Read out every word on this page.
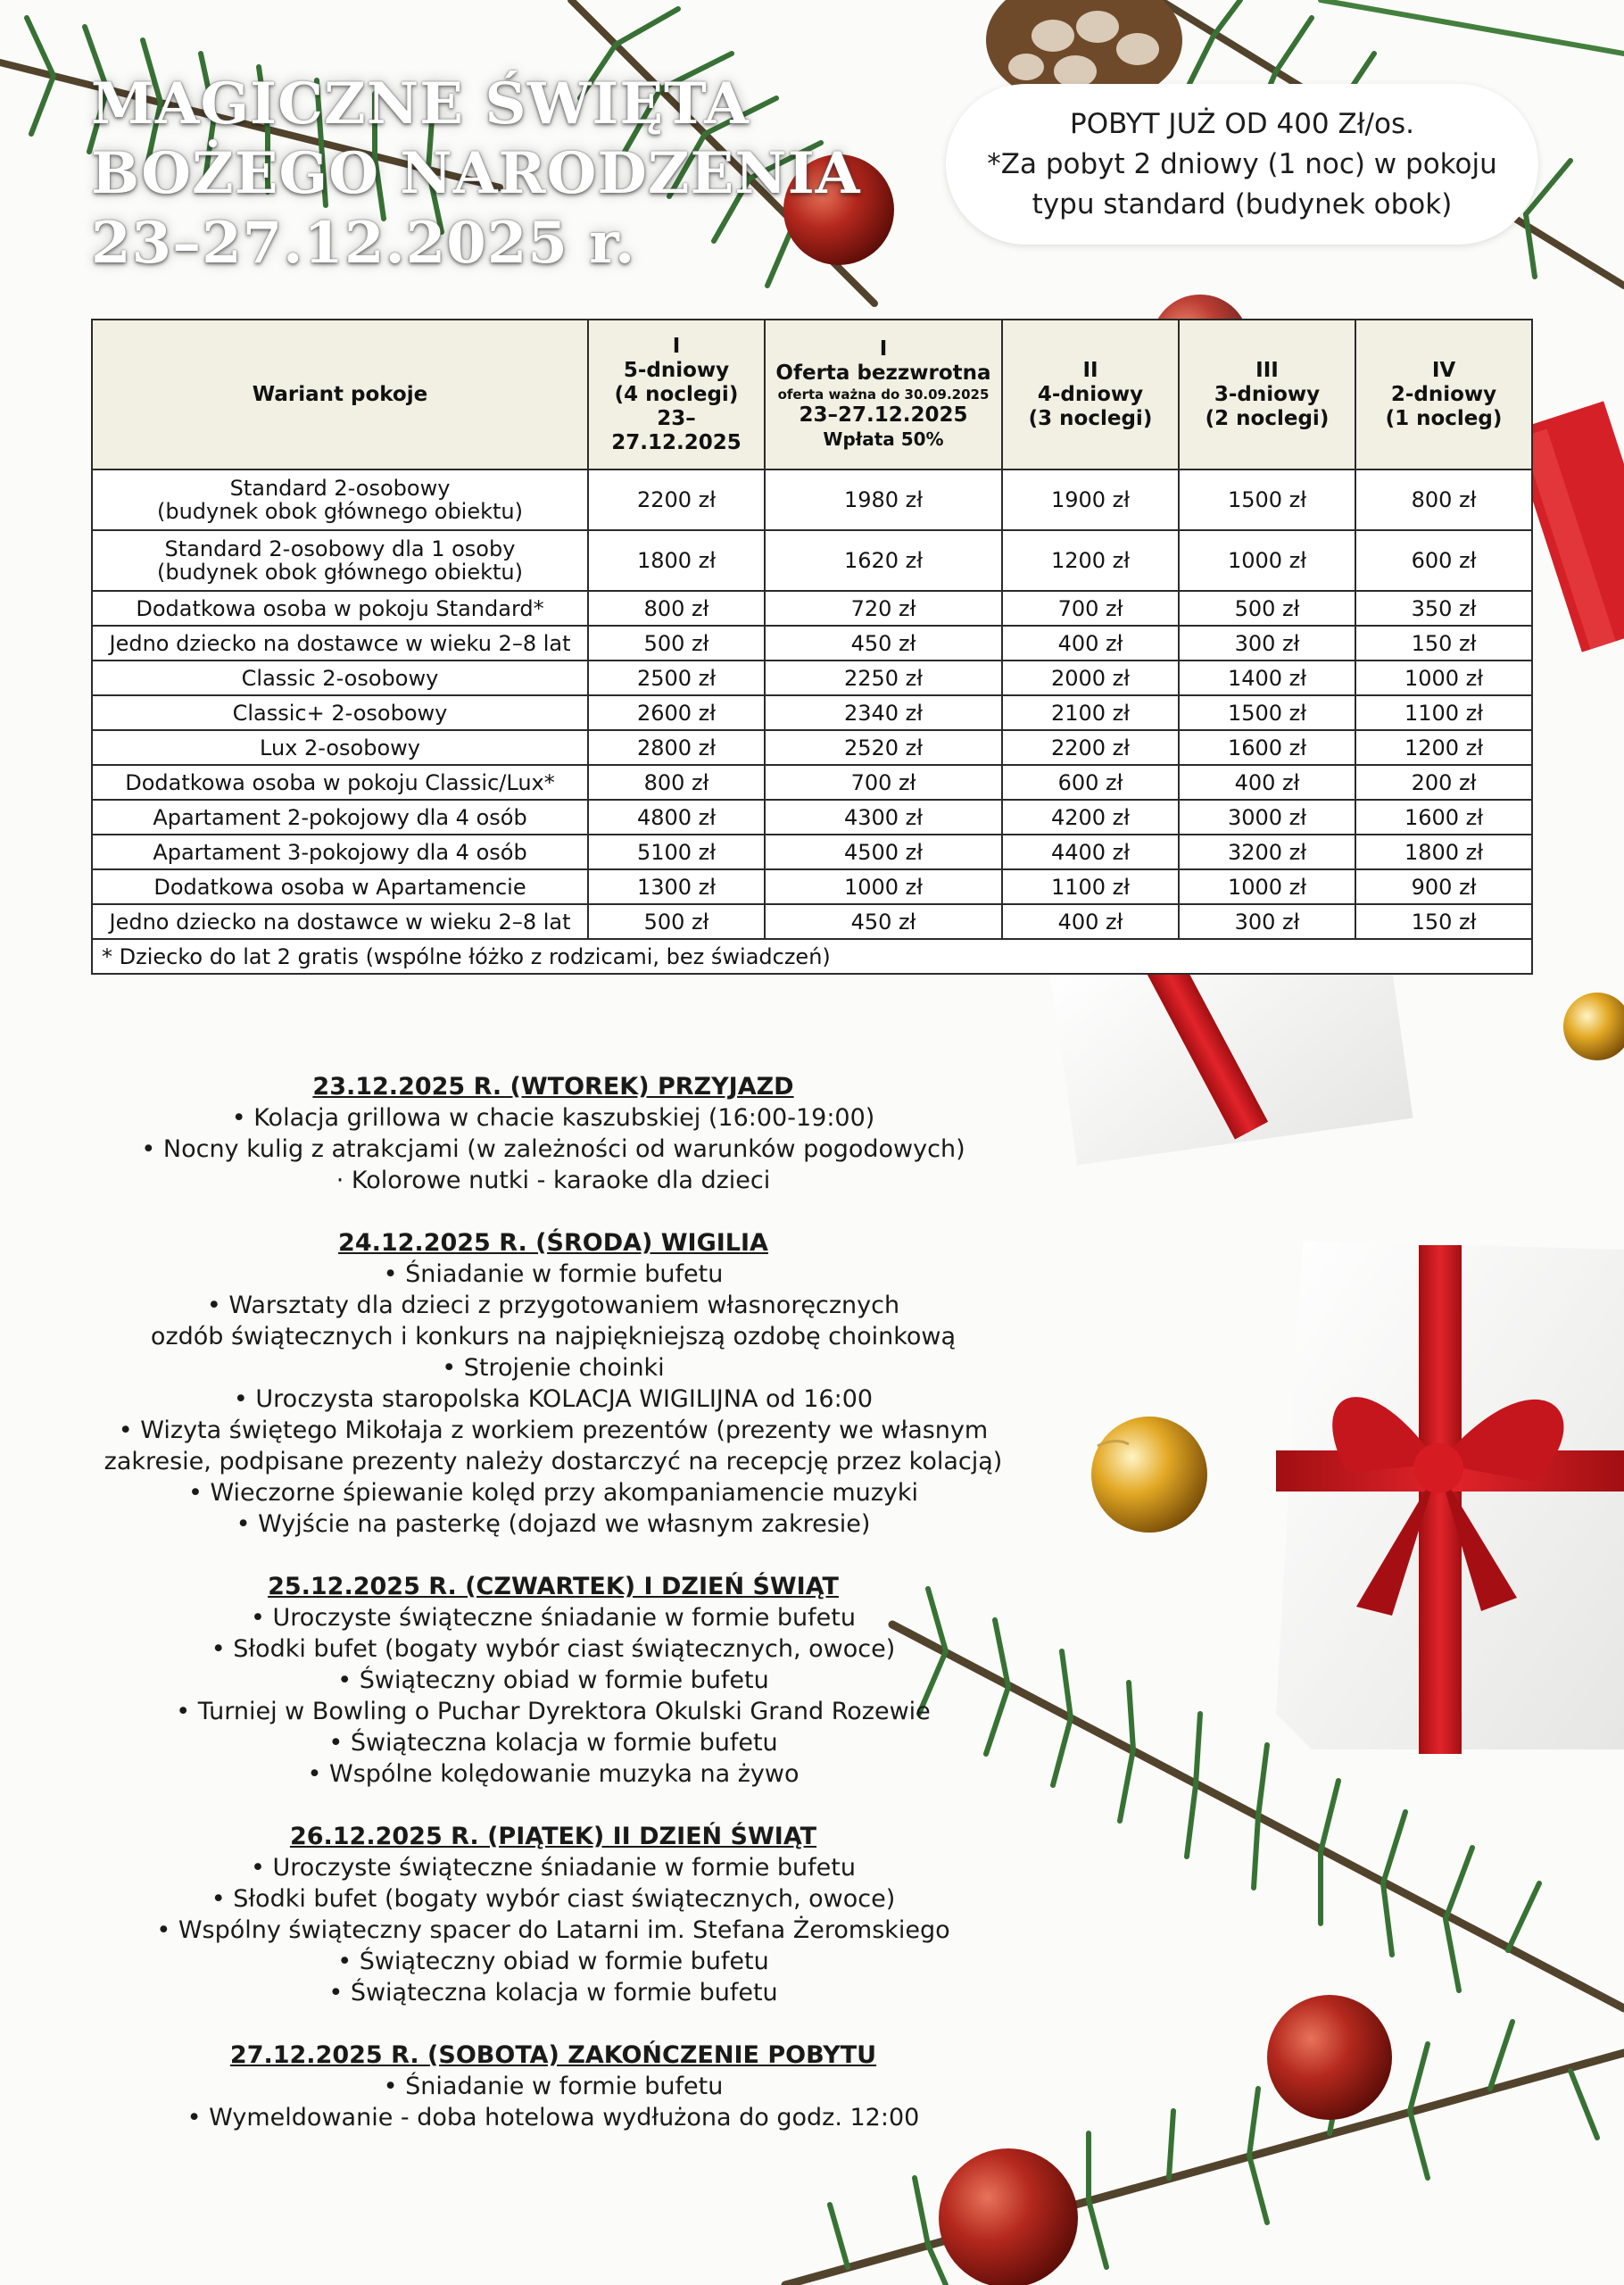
MAGICZNE ŚWIĘTA
BOŻEGO NARODZENIA
23–27.12.2025 r.
POBYT JUŻ OD 400 Zł/os.
*Za pobyt 2 dniowy (1 noc) w pokoju
typu standard (budynek obok)
Wariant pokoje	I
5-dniowy
(4 noclegi)
23–27.12.2025	I
Oferta bezzwrotna
oferta ważna do 30.09.2025
23–27.12.2025
Wpłata 50%	II
4-dniowy
(3 noclegi)	III
3-dniowy
(2 noclegi)	IV
2-dniowy
(1 nocleg)

Standard 2-osobowy
(budynek obok głównego obiektu)	2200 zł	1980 zł	1900 zł	1500 zł	800 zł

Standard 2-osobowy dla 1 osoby
(budynek obok głównego obiektu)	1800 zł	1620 zł	1200 zł	1000 zł	600 zł
Dodatkowa osoba w pokoju Standard*	800 zł	720 zł	700 zł	500 zł	350 zł
Jedno dziecko na dostawce w wieku 2–8 lat	500 zł	450 zł	400 zł	300 zł	150 zł
Classic 2-osobowy	2500 zł	2250 zł	2000 zł	1400 zł	1000 zł
Classic+ 2-osobowy	2600 zł	2340 zł	2100 zł	1500 zł	1100 zł
Lux 2-osobowy	2800 zł	2520 zł	2200 zł	1600 zł	1200 zł
Dodatkowa osoba w pokoju Classic/Lux*	800 zł	700 zł	600 zł	400 zł	200 zł
Apartament 2-pokojowy dla 4 osób	4800 zł	4300 zł	4200 zł	3000 zł	1600 zł
Apartament 3-pokojowy dla 4 osób	5100 zł	4500 zł	4400 zł	3200 zł	1800 zł
Dodatkowa osoba w Apartamencie	1300 zł	1000 zł	1100 zł	1000 zł	900 zł
Jedno dziecko na dostawce w wieku 2–8 lat	500 zł	450 zł	400 zł	300 zł	150 zł
* Dziecko do lat 2 gratis (wspólne łóżko z rodzicami, bez świadczeń)					
23.12.2025 R. (WTOREK) PRZYJAZD
• Kolacja grillowa w chacie kaszubskiej (16:00-19:00)
• Nocny kulig z atrakcjami (w zależności od warunków pogodowych)
· Kolorowe nutki - karaoke dla dzieci
24.12.2025 R. (ŚRODA) WIGILIA
• Śniadanie w formie bufetu
• Warsztaty dla dzieci z przygotowaniem własnoręcznych
ozdób świątecznych i konkurs na najpiękniejszą ozdobę choinkową
• Strojenie choinki
• Uroczysta staropolska KOLACJA WIGILIJNA od 16:00
• Wizyta świętego Mikołaja z workiem prezentów (prezenty we własnym
zakresie, podpisane prezenty należy dostarczyć na recepcję przez kolacją)
• Wieczorne śpiewanie kolęd przy akompaniamencie muzyki
• Wyjście na pasterkę (dojazd we własnym zakresie)
25.12.2025 R. (CZWARTEK) I DZIEŃ ŚWIĄT
• Uroczyste świąteczne śniadanie w formie bufetu
• Słodki bufet (bogaty wybór ciast świątecznych, owoce)
• Świąteczny obiad w formie bufetu
• Turniej w Bowling o Puchar Dyrektora Okulski Grand Rozewie
• Świąteczna kolacja w formie bufetu
• Wspólne kolędowanie muzyka na żywo
26.12.2025 R. (PIĄTEK) II DZIEŃ ŚWIĄT
• Uroczyste świąteczne śniadanie w formie bufetu
• Słodki bufet (bogaty wybór ciast świątecznych, owoce)
• Wspólny świąteczny spacer do Latarni im. Stefana Żeromskiego
• Świąteczny obiad w formie bufetu
• Świąteczna kolacja w formie bufetu
27.12.2025 R. (SOBOTA) ZAKOŃCZENIE POBYTU
• Śniadanie w formie bufetu
• Wymeldowanie - doba hotelowa wydłużona do godz. 12:00
